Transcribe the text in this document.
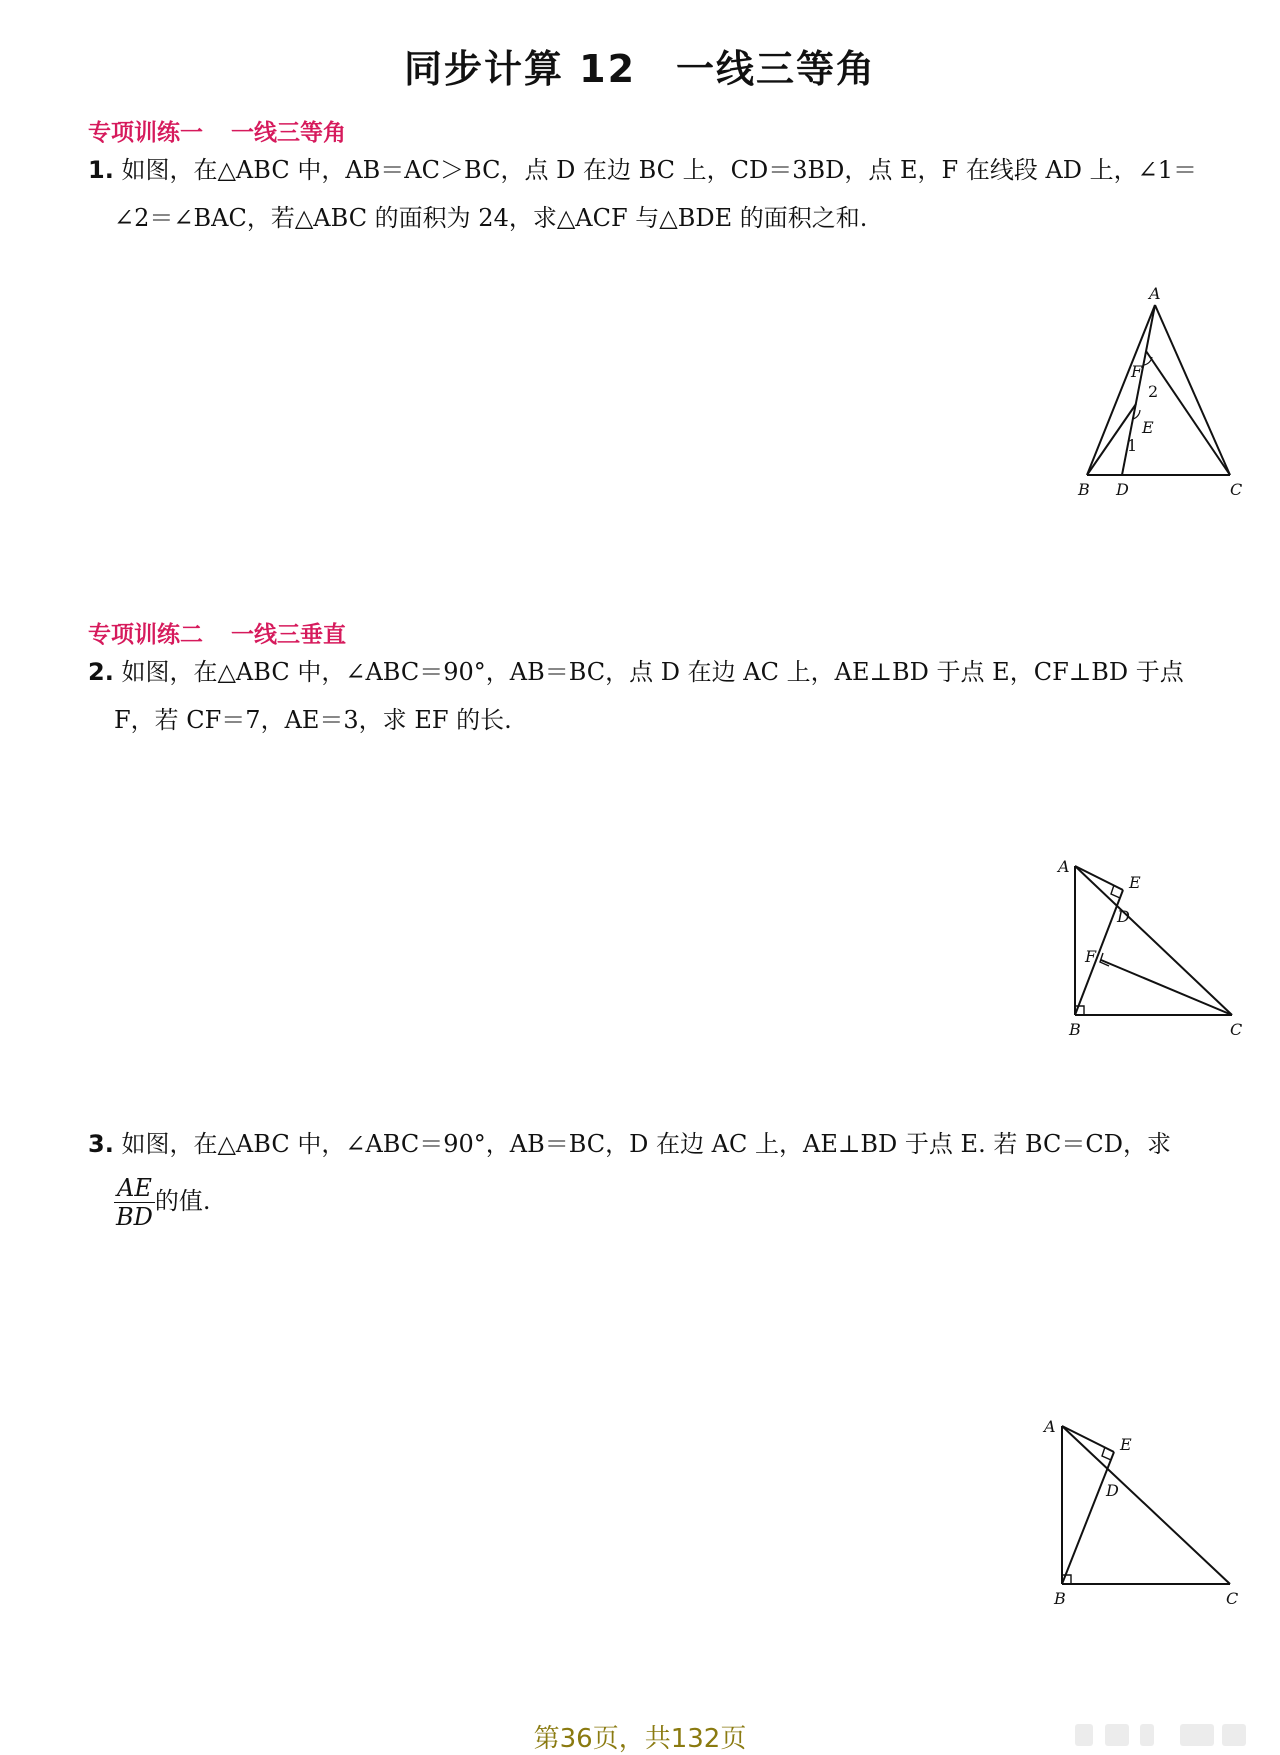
同步计算 12　一线三等角
专项训练一 一线三等角
1. 如图，在△ABC 中，AB＝AC＞BC，点 D 在边 BC 上，CD＝3BD，点 E，F 在线段 AD 上，∠1＝
∠2＝∠BAC，若△ABC 的面积为 24，求△ACF 与△BDE 的面积之和.
A
B	C
D
E
F
1
2
专项训练二 一线三垂直
2. 如图，在△ABC 中，∠ABC＝90°，AB＝BC，点 D 在边 AC 上，AE⊥BD 于点 E，CF⊥BD 于点
F，若 CF＝7，AE＝3，求 EF 的长.
A
B	C
D
E
F
3. 如图，在△ABC 中，∠ABC＝90°，AB＝BC，D 在边 AC 上，AE⊥BD 于点 E. 若 BC＝CD，求
$\frac{AE}{BD}$ 的值.
A
B	C
D
E
第36页，共132页
